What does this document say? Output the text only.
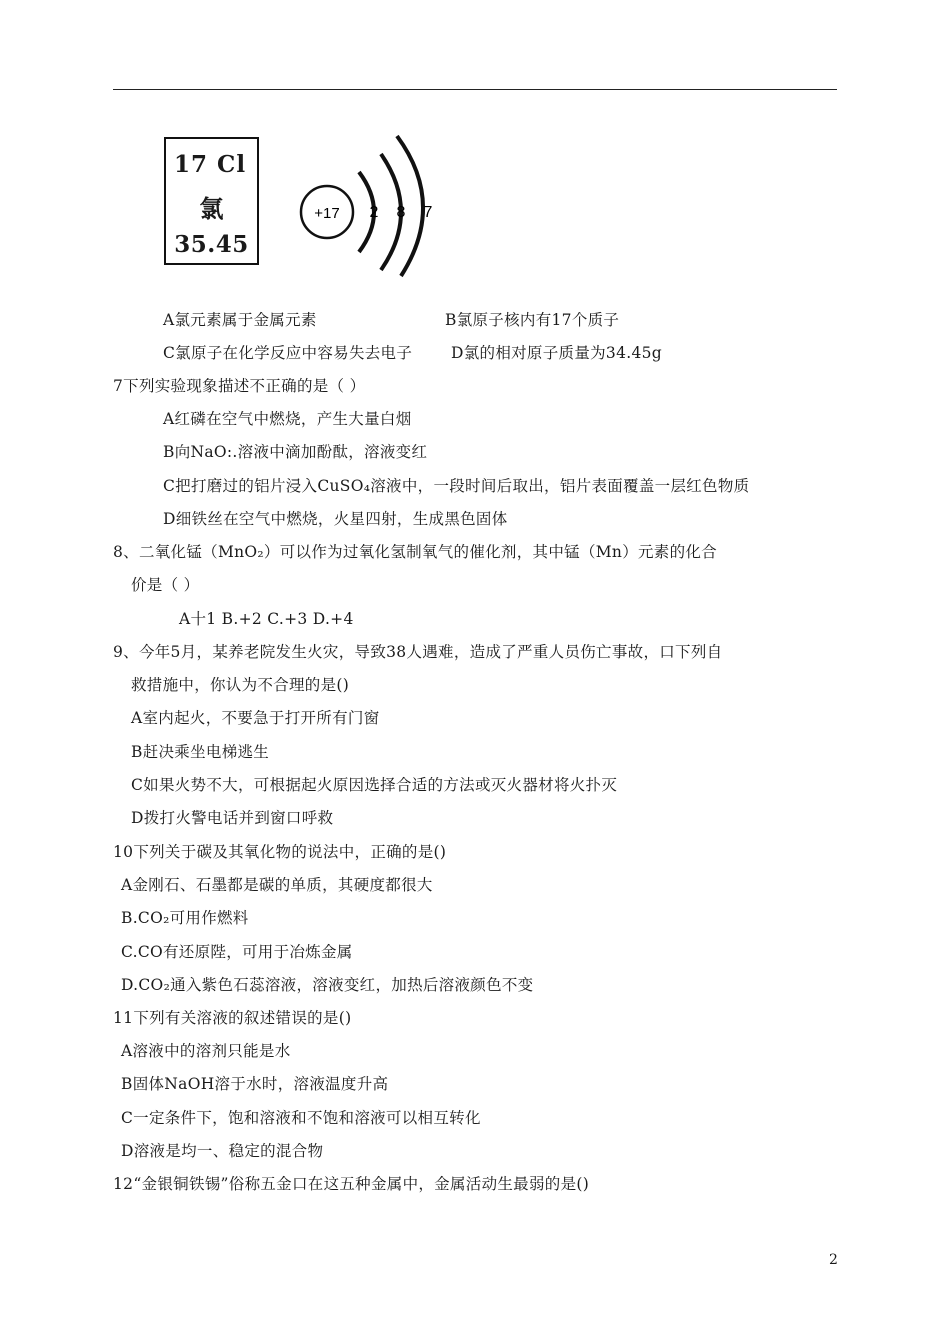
17 Cl
氯
35.45
+17 2 8 7
A氯元素属于金属元素	B氯原子核内有17个质子
C氯原子在化学反应中容易失去电子	D氯的相对原子质量为34.45g
7下列实验现象描述不正确的是（ ）
A红磷在空气中燃烧，产生大量白烟
B向NaO:.溶液中滴加酚酞，溶液变红
C把打磨过的铝片浸入CuSO₄溶液中，一段时间后取出，铝片表面覆盖一层红色物质
D细铁丝在空气中燃烧，火星四射，生成黑色固体
8、二氧化锰（MnO₂）可以作为过氧化氢制氧气的催化剂，其中锰（Mn）元素的化合
价是（ ）
A十1 B.+2 C.+3 D.+4
9、今年5月，某养老院发生火灾，导致38人遇难，造成了严重人员伤亡事故，口下列自
救措施中，你认为不合理的是()
A室内起火，不要急于打开所有门窗
B赶决乘坐电梯逃生
C如果火势不大，可根据起火原因选择合适的方法或灭火器材将火扑灭
D拨打火警电话并到窗口呼救
10下列关于碳及其氧化物的说法中，正确的是()
A金刚石、石墨都是碳的单质，其硬度都很大
B.CO₂可用作燃料
C.CO有还原陛，可用于冶炼金属
D.CO₂通入紫色石蕊溶液，溶液变红，加热后溶液颜色不变
11下列有关溶液的叙述错误的是()
A溶液中的溶剂只能是水
B固体NaOH溶于水时，溶液温度升高
C一定条件下，饱和溶液和不饱和溶液可以相互转化
D溶液是均一、稳定的混合物
12“金银铜铁锡”俗称五金口在这五种金属中，金属活动生最弱的是()
2
